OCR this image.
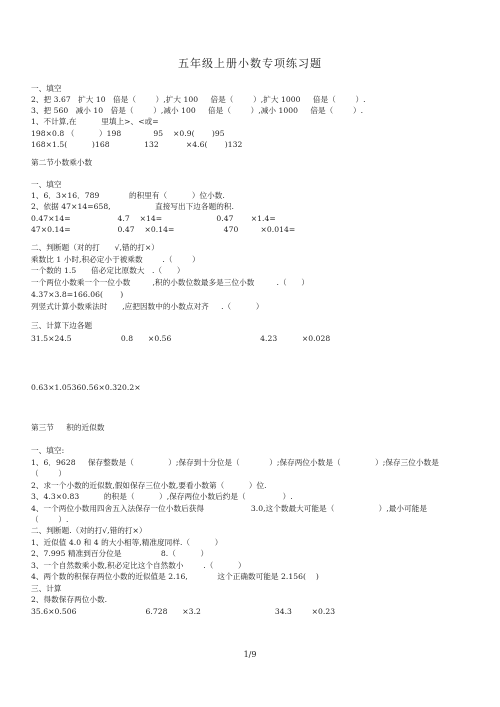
五年级上册小数专项练习题
一、填空
2、把 3.67   扩大 10   倍是（        ）,扩大 100     倍是（        ）,扩大 1000     倍是（        ）.
3、把 560   减小 10   倍是（        ）,减小 100     倍是（        ）,减小 1000     倍是（        ）.
1、不计算,在          里填上>、<或=
198×0.8 （          ）198             95    ×0.9(       )95
168×1.5(          )168              132           ×4.6(       )132
第二节小数乘小数
一、填空
1、6．3×16．789            的积里有（          ）位小数.
2、依据 47×14=658,                  直接写出下边各题的积.
0.47×14=                   4.7    ×14=                      0.47       ×1.4=
47×0.14=                   0.47    ×0.14=                    470         ×0.014=
二、判断题（对的打      √,错的打×）
乘数比 1 小时,积必定小于被乘数        .（        ）
一个数的 1.5      倍必定比原数大   .（      ）
一个两位小数乘一个一位小数         ,积的小数位数最多是三位小数         .（      ）
4.37×3.8=166.06(       )
列竖式计算小数乘法时      ,应把因数中的小数点对齐     .（          ）
三、计算下边各题
31.5×24.5                    0.8      ×0.56                                    4.23          ×0.028
0.63×1.05360.56×0.320.2×
第三节     积的近似数
一、填空:
1、6．9628     保存整数是（              ）;保存到十分位是（            ）;保存两位小数是（              ）;保存三位小数是
（        ）
2、求一个小数的近似数,假如保存三位小数,要看小数第（          ）位.
3、4.3×0.83          的积是（          ）,保存两位小数后约是（               ）.
4、一个两位小数用四舍五入法保存一位小数后获得                   3.0,这个数最大可能是（                  ）,最小可能是
（        ）.
二、判断题.（对的打√,错的打×）
1、近似值 4.0 和 4 的大小相等,精准度同样.（          ）
2、7.995 精准到百分位是                8.（          ）
3、一个自然数乘小数,积必定比这个自然数小        .（          ）
4、两个数的积保存两位小数的近似值是 2.16,            这个正确数可能是 2.156(    )
三、计算
2、得数保存两位小数.
35.6×0.506                            6.728      ×3.2                              34.3        ×0.23
1/9
